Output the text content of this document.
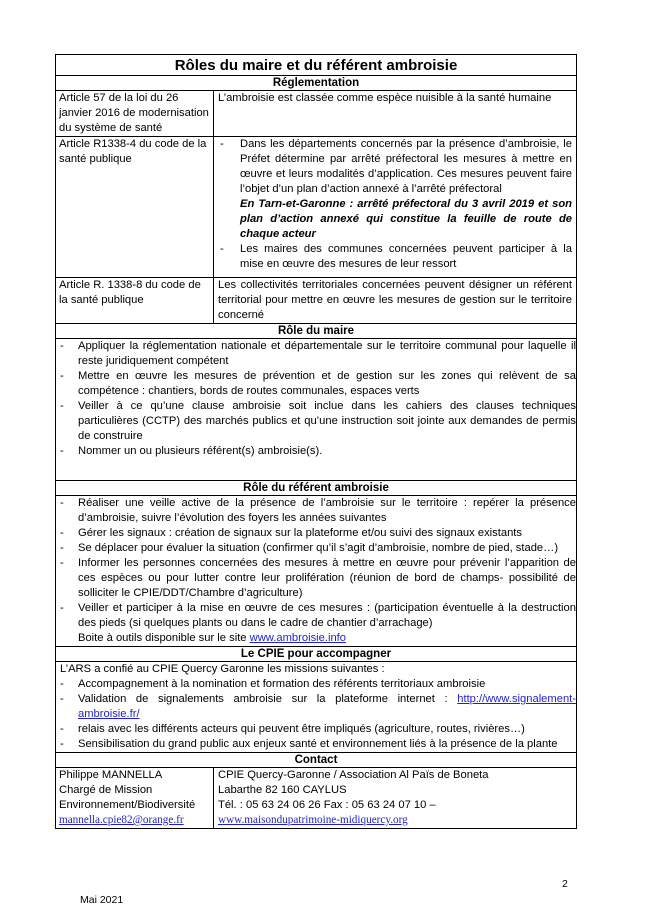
Rôles du maire et du référent ambroisie
Réglementation
Article 57 de la loi du 26 janvier 2016 de modernisation du système de santé
L’ambroisie est classée comme espèce nuisible à la santé humaine
Article R1338-4 du code de la santé publique
- Dans les départements concernés par la présence d’ambroisie, le Préfet détermine par arrêté préfectoral les mesures à mettre en œuvre et leurs modalités d’application. Ces mesures peuvent faire l’objet d’un plan d’action annexé à l’arrêté préfectoral
En Tarn-et-Garonne : arrêté préfectoral du 3 avril 2019 et son plan d’action annexé qui constitue la feuille de route de chaque acteur
- Les maires des communes concernées peuvent participer à la mise en œuvre des mesures de leur ressort
Article R. 1338-8 du code de la santé publique
Les collectivités territoriales concernées peuvent désigner un référent territorial pour mettre en œuvre les mesures de gestion sur le territoire concerné
Rôle du maire
- Appliquer la réglementation nationale et départementale sur le territoire communal pour laquelle il reste juridiquement compétent
- Mettre en œuvre les mesures de prévention et de gestion sur les zones qui relèvent de sa compétence : chantiers, bords de routes communales, espaces verts
- Veiller à ce qu’une clause ambroisie soit inclue dans les cahiers des clauses techniques particulières (CCTP) des marchés publics et qu’une instruction soit jointe aux demandes de permis de construire
- Nommer un ou plusieurs référent(s) ambroisie(s).
Rôle du référent ambroisie
- Réaliser une veille active de la présence de l’ambroisie sur le territoire : repérer la présence d’ambroisie, suivre l’évolution des foyers les années suivantes
- Gérer les signaux : création de signaux sur la plateforme et/ou suivi des signaux existants
- Se déplacer pour évaluer la situation (confirmer qu’il s’agit d’ambroisie, nombre de pied, stade…)
- Informer les personnes concernées des mesures à mettre en œuvre pour prévenir l’apparition de ces espèces ou pour lutter contre leur prolifération (réunion de bord de champs- possibilité de solliciter le CPIE/DDT/Chambre d’agriculture)
- Veiller et participer à la mise en œuvre de ces mesures : (participation éventuelle à la destruction des pieds (si quelques plants ou dans le cadre de chantier d’arrachage)
Boite à outils disponible sur le site www.ambroisie.info
Le CPIE pour accompagner
L’ARS a confié au CPIE Quercy Garonne les missions suivantes :
- Accompagnement à la nomination et formation des référents territoriaux ambroisie
- Validation de signalements ambroisie sur la plateforme internet : http://www.signalement-ambroisie.fr/
- relais avec les différents acteurs qui peuvent être impliqués (agriculture, routes, rivières…)
- Sensibilisation du grand public aux enjeux santé et environnement liés à la présence de la plante
Contact
Philippe MANNELLA
Chargé de Mission Environnement/Biodiversité
mannella.cpie82@orange.fr
CPIE Quercy-Garonne / Association Al Païs de Boneta
Labarthe 82 160 CAYLUS
Tél. : 05 63 24 06 26 Fax : 05 63 24 07 10 –
www.maisondupatrimoine-midiquercy.org
2
Mai 2021
